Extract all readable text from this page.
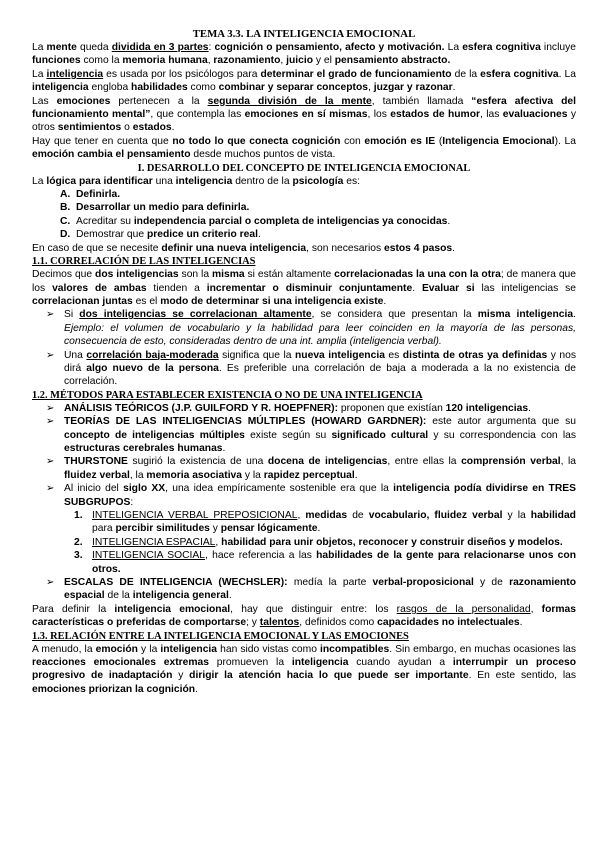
TEMA 3.3. LA INTELIGENCIA EMOCIONAL

La mente queda dividida en 3 partes: cognición o pensamiento, afecto y motivación. La esfera cognitiva incluye funciones como la memoria humana, razonamiento, juicio y el pensamiento abstracto.

La inteligencia es usada por los psicólogos para determinar el grado de funcionamiento de la esfera cognitiva. La inteligencia engloba habilidades como combinar y separar conceptos, juzgar y razonar.

Las emociones pertenecen a la segunda división de la mente, también llamada “esfera afectiva del funcionamiento mental”, que contempla las emociones en sí mismas, los estados de humor, las evaluaciones y otros sentimientos o estados.

Hay que tener en cuenta que no todo lo que conecta cognición con emoción es IE (Inteligencia Emocional). La emoción cambia el pensamiento desde muchos puntos de vista.

I. DESARROLLO DEL CONCEPTO DE INTELIGENCIA EMOCIONAL

La lógica para identificar una inteligencia dentro de la psicología es:

A. Definirla.
B. Desarrollar un medio para definirla.
C. Acreditar su independencia parcial o completa de inteligencias ya conocidas.
D. Demostrar que predice un criterio real.

En caso de que se necesite definir una nueva inteligencia, son necesarios estos 4 pasos.

1.1. CORRELACIÓN DE LAS INTELIGENCIAS

Decimos que dos inteligencias son la misma si están altamente correlacionadas la una con la otra; de manera que los valores de ambas tienden a incrementar o disminuir conjuntamente. Evaluar si las inteligencias se correlacionan juntas es el modo de determinar si una inteligencia existe.

➢ Si dos inteligencias se correlacionan altamente, se considera que presentan la misma inteligencia. Ejemplo: el volumen de vocabulario y la habilidad para leer coinciden en la mayoría de las personas, consecuencia de esto, consideradas dentro de una int. amplia (inteligencia verbal).
➢ Una correlación baja-moderada significa que la nueva inteligencia es distinta de otras ya definidas y nos dirá algo nuevo de la persona. Es preferible una correlación de baja a moderada a la no existencia de correlación.
1.2. MÉTODOS PARA ESTABLECER EXISTENCIA O NO DE UNA INTELIGENCIA
➢ ANÁLISIS TEÓRICOS (J.P. GUILFORD Y R. HOEPFNER): proponen que existían 120 inteligencias.
➢ TEORÍAS DE LAS INTELIGENCIAS MÚLTIPLES (HOWARD GARDNER): este autor argumenta que su concepto de inteligencias múltiples existe según su significado cultural y su correspondencia con las estructuras cerebrales humanas.
➢ THURSTONE sugirió la existencia de una docena de inteligencias, entre ellas la comprensión verbal, la fluidez verbal, la memoria asociativa y la rapidez perceptual.
➢ Al inicio del siglo XX, una idea empíricamente sostenible era que la inteligencia podía dividirse en TRES SUBGRUPOS:
1. INTELIGENCIA VERBAL PREPOSICIONAL, medidas de vocabulario, fluidez verbal y la habilidad para percibir similitudes y pensar lógicamente.
2. INTELIGENCIA ESPACIAL, habilidad para unir objetos, reconocer y construir diseños y modelos.
3. INTELIGENCIA SOCIAL, hace referencia a las habilidades de la gente para relacionarse unos con otros.
➢ ESCALAS DE INTELIGENCIA (WECHSLER): medía la parte verbal-proposicional y de razonamiento espacial de la inteligencia general.

Para definir la inteligencia emocional, hay que distinguir entre: los rasgos de la personalidad, formas características o preferidas de comportarse; y talentos, definidos como capacidades no intelectuales.

1.3. RELACIÓN ENTRE LA INTELIGENCIA EMOCIONAL Y LAS EMOCIONES

A menudo, la emoción y la inteligencia han sido vistas como incompatibles. Sin embargo, en muchas ocasiones las reacciones emocionales extremas promueven la inteligencia cuando ayudan a interrumpir un proceso progresivo de inadaptación y dirigir la atención hacia lo que puede ser importante. En este sentido, las emociones priorizan la cognición.
